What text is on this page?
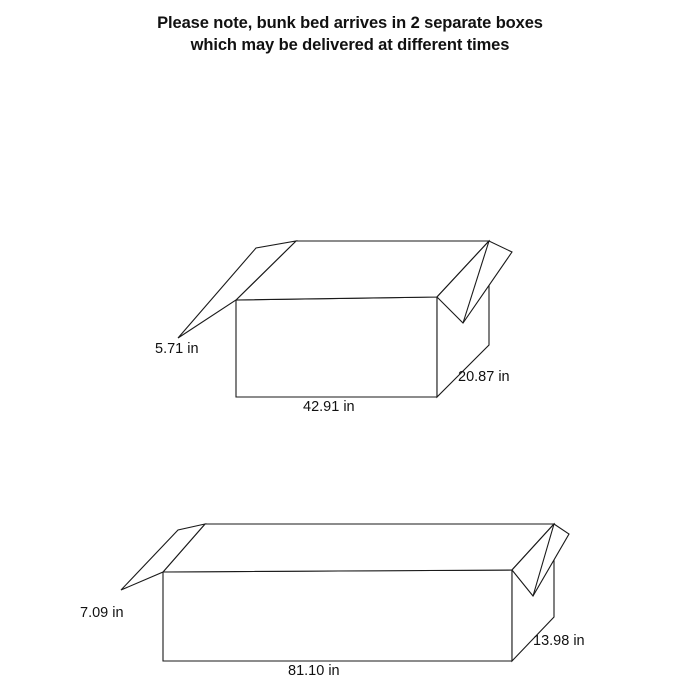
Please note, bunk bed arrives in 2 separate boxes
which may be delivered at different times
5.71 in
42.91 in
20.87 in
7.09 in
81.10 in
13.98 in
